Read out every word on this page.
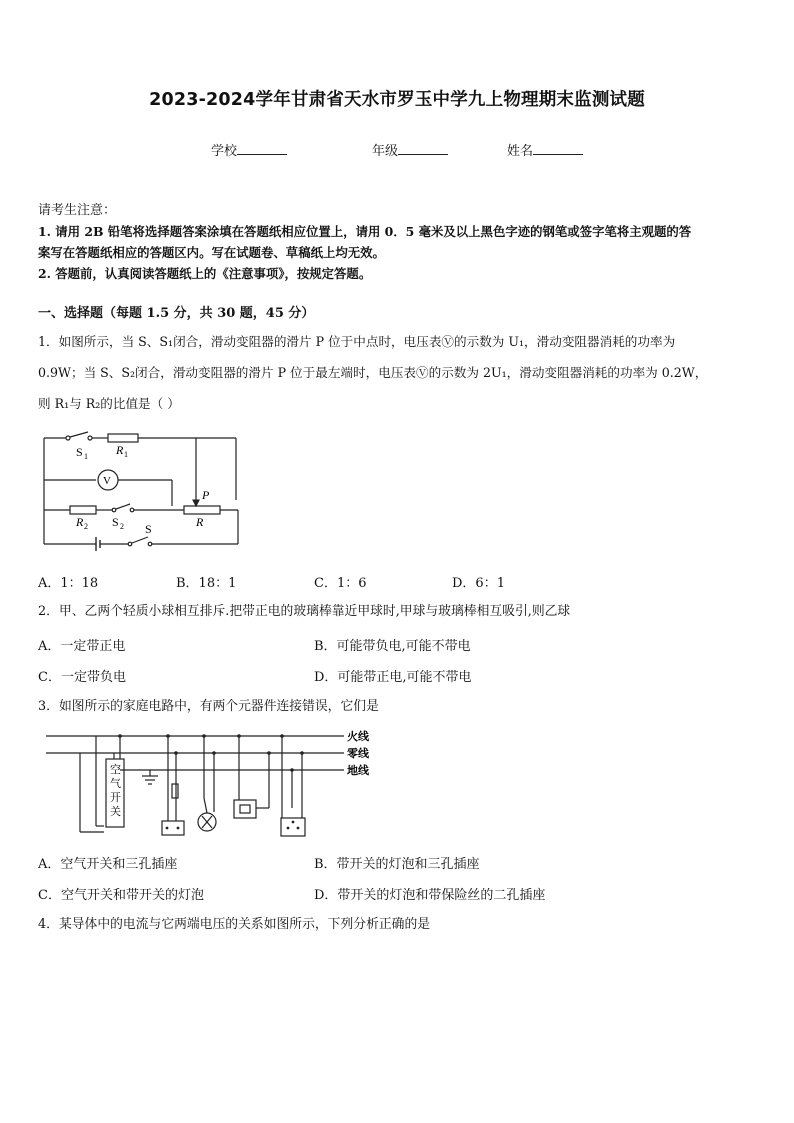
2023-2024学年甘肃省天水市罗玉中学九上物理期末监测试题
学校	年级	姓名
请考生注意：
1. 请用 2B 铅笔将选择题答案涂填在答题纸相应位置上，请用 0．5 毫米及以上黑色字迹的钢笔或签字笔将主观题的答
案写在答题纸相应的答题区内。写在试题卷、草稿纸上均无效。
2. 答题前，认真阅读答题纸上的《注意事项》，按规定答题。
一、选择题（每题 1.5 分，共 30 题，45 分）
1．如图所示，当 S、S₁闭合，滑动变阻器的滑片 P 位于中点时，电压表Ⓥ的示数为 U₁，滑动变阻器消耗的功率为
0.9W；当 S、S₂闭合，滑动变阻器的滑片 P 位于最左端时，电压表Ⓥ的示数为 2U₁，滑动变阻器消耗的功率为 0.2W，
则 R₁与 R₂的比值是（ ）
S 1 R 1
V
P
R 2 S 2 S	R
A．1：18	B．18：1	C．1：6	D．6：1
2．甲、乙两个轻质小球相互排斥.把带正电的玻璃棒靠近甲球时,甲球与玻璃棒相互吸引,则乙球
A．一定带正电	B．可能带负电,可能不带电
C．一定带负电	D．可能带正电,可能不带电
3．如图所示的家庭电路中，有两个元器件连接错误，它们是
空
气
开
关
火线
零线
地线
A．空气开关和三孔插座	B．带开关的灯泡和三孔插座
C．空气开关和带开关的灯泡	D．带开关的灯泡和带保险丝的二孔插座
4．某导体中的电流与它两端电压的关系如图所示，下列分析正确的是
